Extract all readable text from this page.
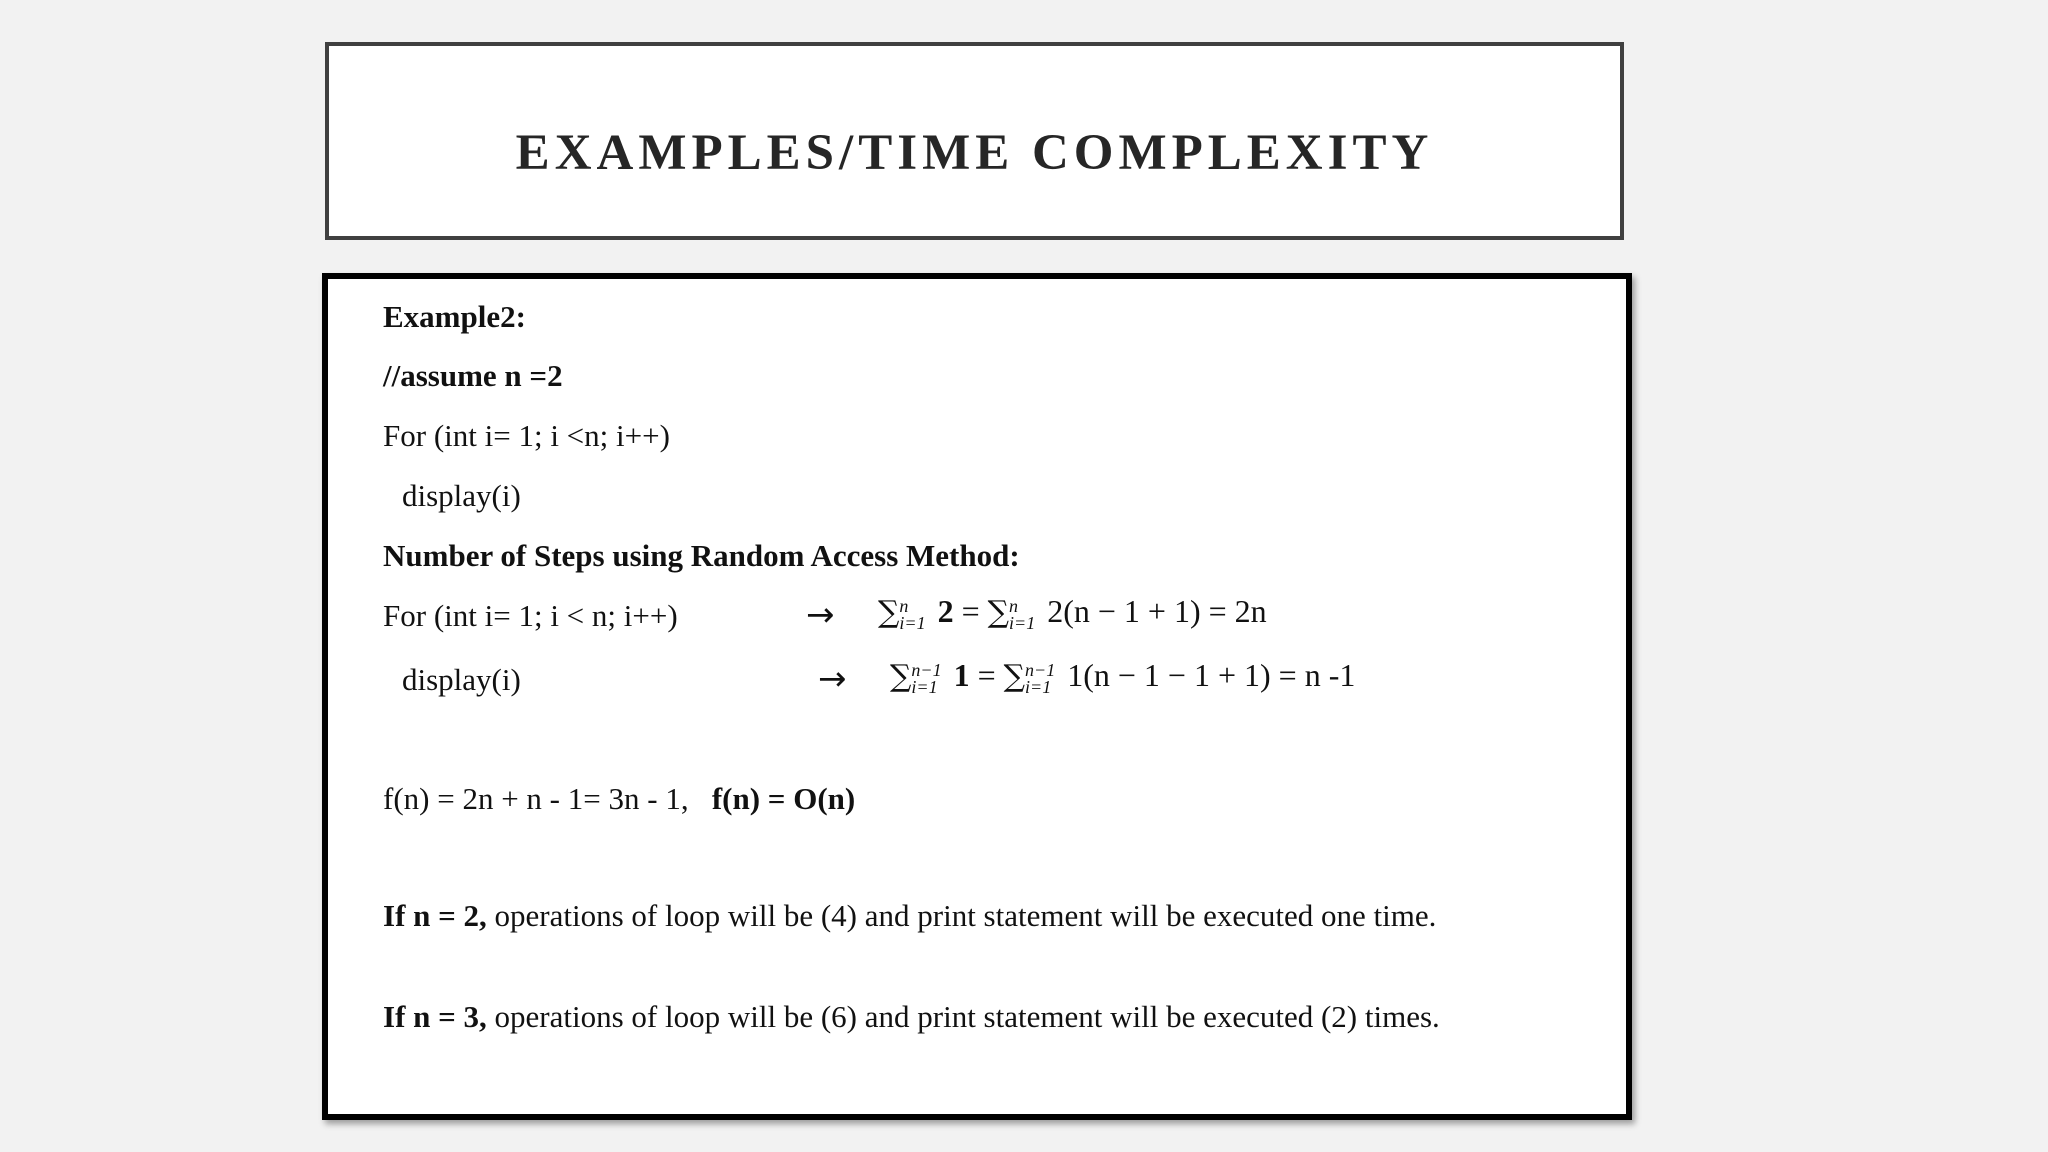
EXAMPLES/TIME COMPLEXITY
Example2:
//assume n =2
For (int i= 1; i <n; i++)
display(i)
Number of Steps using Random Access Method:
For (int i= 1; i < n; i++)	→ ∑ n
i=1 2 = ∑ n
i=1 2(n − 1 + 1) = 2n
display(i)	→ ∑ n−1
i=1 1 = ∑ n−1
i=1 1(n − 1 − 1 + 1) = n -1
f(n) = 2n + n - 1= 3n - 1, f(n) = O(n)
If n = 2, operations of loop will be (4) and print statement will be executed one time.
If n = 3, operations of loop will be (6) and print statement will be executed (2) times.
